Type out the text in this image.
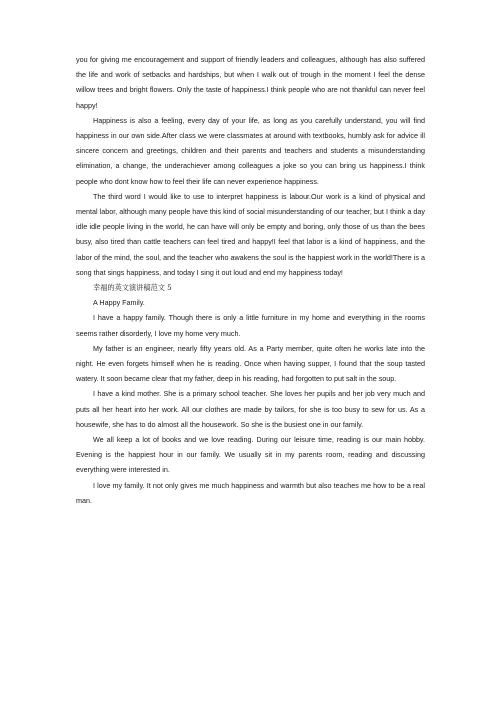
you for giving me encouragement and support of friendly leaders and colleagues, although has also suffered the life and work of setbacks and hardships, but when I walk out of trough in the moment I feel the dense willow trees and bright flowers. Only the taste of happiness.I think people who are not thankful can never feel happy!

Happiness is also a feeling, every day of your life, as long as you carefully understand, you will find happiness in our own side.After class we were classmates at around with textbooks, humbly ask for advice ill sincere concern and greetings, children and their parents and teachers and students a misunderstanding elimination, a change, the underachiever among colleagues a joke so you can bring us happiness.I think people who dont know how to feel their life can never experience happiness.

The third word I would like to use to interpret happiness is labour.Our work is a kind of physical and mental labor, although many people have this kind of social misunderstanding of our teacher, but I think a day idle idle people living in the world, he can have will only be empty and boring, only those of us than the bees busy, also tired than cattle teachers can feel tired and happy!I feel that labor is a kind of happiness, and the labor of the mind, the soul, and the teacher who awakens the soul is the happiest work in the world!There is a song that sings happiness, and today I sing it out loud and end my happiness today!

幸福的英文演讲稿范文 5

A Happy Family.

I have a happy family. Though there is only a little furniture in my home and everything in the rooms seems rather disorderly, I love my home very much.

My father is an engineer, nearly fifty years old. As a Party member, quite often he works late into the night. He even forgets himself when he is reading. Once when having supper, I found that the soup tasted watery. It soon became clear that my father, deep in his reading, had forgotten to put salt in the soup.

I have a kind mother. She is a primary school teacher. She loves her pupils and her job very much and puts all her heart into her work. All our clothes are made by tailors, for she is too busy to sew for us. As a housewife, she has to do almost all the housework. So she is the busiest one in our family.

We all keep a lot of books and we love reading. During our leisure time, reading is our main hobby. Evening is the happiest hour in our family. We usually sit in my parents room, reading and discussing everything were interested in.

I love my family. It not only gives me much happiness and warmth but also teaches me how to be a real man.
